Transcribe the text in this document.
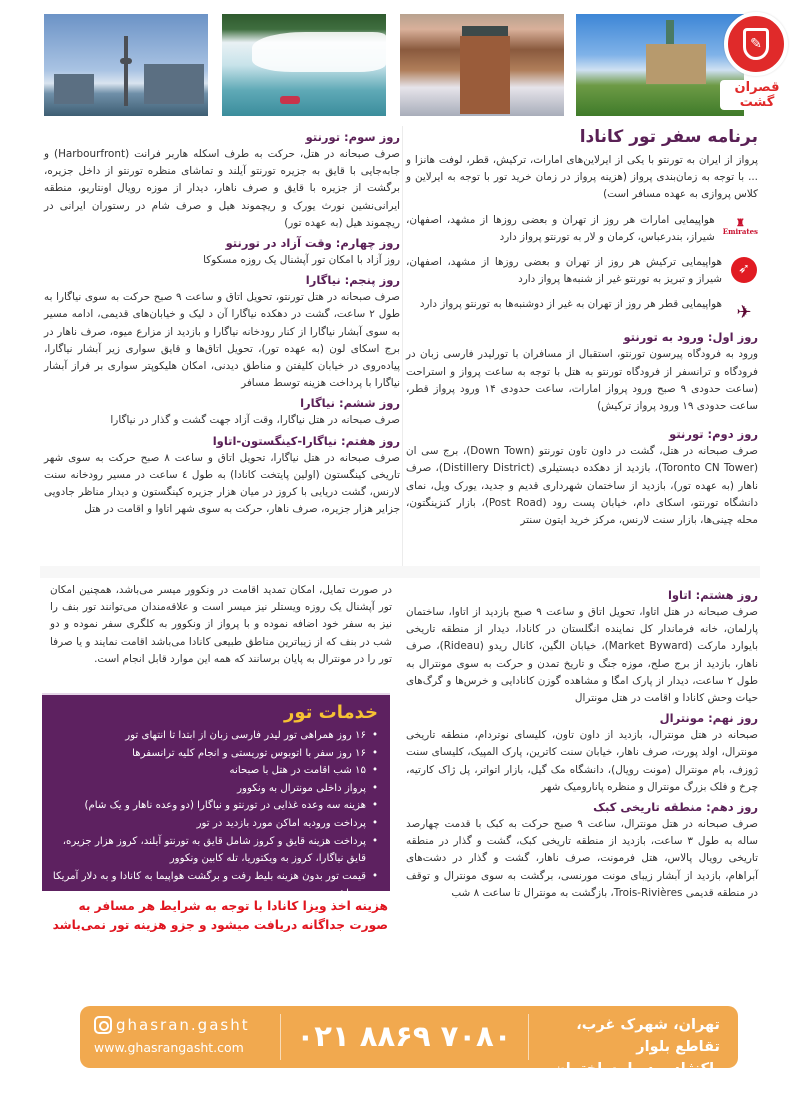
✎
قصران گشت
برنامه سفر تور کانادا

پرواز از ایران به تورنتو با یکی از ایرلاین‌های امارات، ترکیش، قطر، لوفت هانزا و ... با توجه به زمان‌بندی پرواز (هزینه پرواز در زمان خرید تور با توجه به ایرلاین و کلاس پروازی به عهده مسافر است)

♜
Emirates

هواپیمایی امارات هر روز از تهران و بعضی روزها از مشهد، اصفهان، شیراز، بندرعباس، کرمان و لار به تورنتو پرواز دارد

➶

هواپیمایی ترکیش هر روز از تهران و بعضی روزها از مشهد، اصفهان، شیراز و تبریز به تورنتو غیر از شنبه‌ها پرواز دارد

✈

هواپیمایی قطر هر روز از تهران به غیر از دوشنبه‌ها به تورنتو پرواز دارد

روز اول: ورود به تورنتو

ورود به فرودگاه پیرسون تورنتو، استقبال از مسافران با تورلیدر فارسی زبان در فرودگاه و ترانسفر از فرودگاه تورنتو به هتل با توجه به ساعت پرواز و استراحت (ساعت حدودی ۹ صبح ورود پرواز امارات، ساعت حدودی ۱۴ ورود پرواز قطر، ساعت حدودی ۱۹ ورود پرواز ترکیش)

روز دوم: تورنتو

صرف صبحانه در هتل، گشت در داون تاون تورنتو (Down Town)، برج سی ان (Toronto CN Tower)، بازدید از دهکده دیستیلری (Distillery District)، صرف ناهار (به عهده تور)، بازدید از ساختمان شهرداری قدیم و جدید، یورک ویل، نمای دانشگاه تورنتو، اسکای دام، خیابان پست رود (Post Road)، بازار کنزینگتون، محله چینی‌ها، بازار سنت لارنس، مرکز خرید ایتون سنتر

روز سوم: تورنتو

صرف صبحانه در هتل، حرکت به طرف اسکله هاربر فرانت (Harbourfront) و جابه‌جایی با قایق به جزیره تورنتو آیلند و تماشای منظره تورنتو از داخل جزیره، برگشت از جزیره با قایق و صرف ناهار، دیدار از موزه رویال اونتاریو، منطقه ایرانی‌نشین نورث یورک و ریچموند هیل و صرف شام در رستوران ایرانی در ریچموند هیل (به عهده تور)

روز چهارم: وقت آزاد در تورنتو

روز آزاد با امکان تور آپشنال یک روزه مسکوکا

روز پنجم: نیاگارا

صرف صبحانه در هتل تورنتو، تحویل اتاق و ساعت ۹ صبح حرکت به سوی نیاگارا به طول ۲ ساعت، گشت در دهکده نیاگارا آن د لیک و خیابان‌های قدیمی، ادامه مسیر به سوی آبشار نیاگارا از کنار رودخانه نیاگارا و بازدید از مزارع میوه، صرف ناهار در برج اسکای لون (به عهده تور)، تحویل اتاق‌ها و قایق سواری زیر آبشار نیاگارا، پیاده‌روی در خیابان کلیفتن و مناطق دیدنی، امکان هلیکوپتر سواری بر فراز آبشار نیاگارا با پرداخت هزینه توسط مسافر

روز ششم: نیاگارا

صرف صبحانه در هتل نیاگارا، وقت آزاد جهت گشت و گذار در نیاگارا

روز هفتم: نیاگارا-کینگستون-اتاوا

صرف صبحانه در هتل نیاگارا، تحویل اتاق و ساعت ۸ صبح حرکت به سوی شهر تاریخی کینگستون (اولین پایتخت کانادا) به طول ٤ ساعت در مسیر رودخانه سنت لارنس، گشت دریایی با کروز در میان هزار جزیره کینگستون و دیدار مناظر جادویی جزایر هزار جزیره، صرف ناهار، حرکت به سوی شهر اتاوا و اقامت در هتل

در صورت تمایل، امکان تمدید اقامت در ونکوور میسر می‌باشد، همچنین امکان تور آپشنال یک روزه ویستلر نیز میسر است و علاقه‌مندان می‌توانند تور بنف را نیز به سفر خود اضافه نموده و با پرواز از ونکوور به کلگری سفر نموده و دو شب در بنف که از زیباترین مناطق طبیعی کانادا می‌باشد اقامت نمایند و یا صرفا تور را در مونترال به پایان برسانند که همه این موارد قابل انجام است.

روز هشتم: اتاوا

صرف صبحانه در هتل اتاوا، تحویل اتاق و ساعت ۹ صبح بازدید از اتاوا، ساختمان پارلمان، خانه فرماندار کل نماینده انگلستان در کانادا، دیدار از منطقه تاریخی بایوارد مارکت (Market Byward)، خیابان الگین، کانال ریدو (Rideau)، صرف ناهار، بازدید از برج صلح، موزه جنگ و تاریخ تمدن و حرکت به سوی مونترال به طول ۲ ساعت، دیدار از پارک امگا و مشاهده گوزن کانادایی و خرس‌ها و گرگ‌های حیات وحش کانادا و اقامت در هتل مونترال

روز نهم: مونترال

صبحانه در هتل مونترال، بازدید از داون تاون، کلیسای نوتردام، منطقه تاریخی مونترال، اولد پورت، صرف ناهار، خیابان سنت کاترین، پارک المپیک، کلیسای سنت ژوزف، بام مونترال (مونت رویال)، دانشگاه مک گیل، بازار اتواتر، پل ژاک کارتیه، چرخ و فلک بزرگ مونترال و منظره پانارومیک شهر

روز دهم: منطقه تاریخی کبک

صرف صبحانه در هتل مونترال، ساعت ۹ صبح حرکت به کبک با قدمت چهارصد ساله به طول ۳ ساعت، بازدید از منطقه تاریخی کبک، گشت و گذار در منطقه تاریخی رویال پالاس، هتل فرمونت، صرف ناهار، گشت و گذار در دشت‌های آبراهام، بازدید از آبشار زیبای مونت مورنسی، برگشت به سوی مونترال و توقف در منطقه قدیمی Trois-Rivières، بازگشت به مونترال تا ساعت ۸ شب

خدمات تور
• ۱۶ روز همراهی تور لیدر فارسی زبان از ابتدا تا انتهای تور
• ۱۶ روز سفر با اتوبوس توریستی و انجام کلیه ترانسفرها
• ۱۵ شب اقامت در هتل با صبحانه
• پرواز داخلی مونترال به ونکوور
• هزینه سه وعده غذایی در تورنتو و نیاگارا (دو وعده ناهار و یک شام)
• پرداخت ورودیه اماکن مورد بازدید در تور
• پرداخت هزینه قایق و کروز شامل قایق به تورنتو آیلند، کروز هزار جزیره، قایق نیاگارا، کروز به ویکتوریا، تله کابین ونکوور
• قیمت تور بدون هزینه بلیط رفت و برگشت هواپیما به کانادا و به دلار آمریکا می‌باشد
هزینه اخذ ویزا کانادا با توجه به شرایط هر مسافر به صورت جداگانه دریافت میشود و جزو هزینه تور نمی‌باشد
تهران، شهرک غرب، تقاطع بلوار
پاکنژاد و دریا، ساختمان کسری
۰۲۱ ۸۸۶۹ ۷۰۸۰
ghasran.gasht
www.ghasrangasht.com
